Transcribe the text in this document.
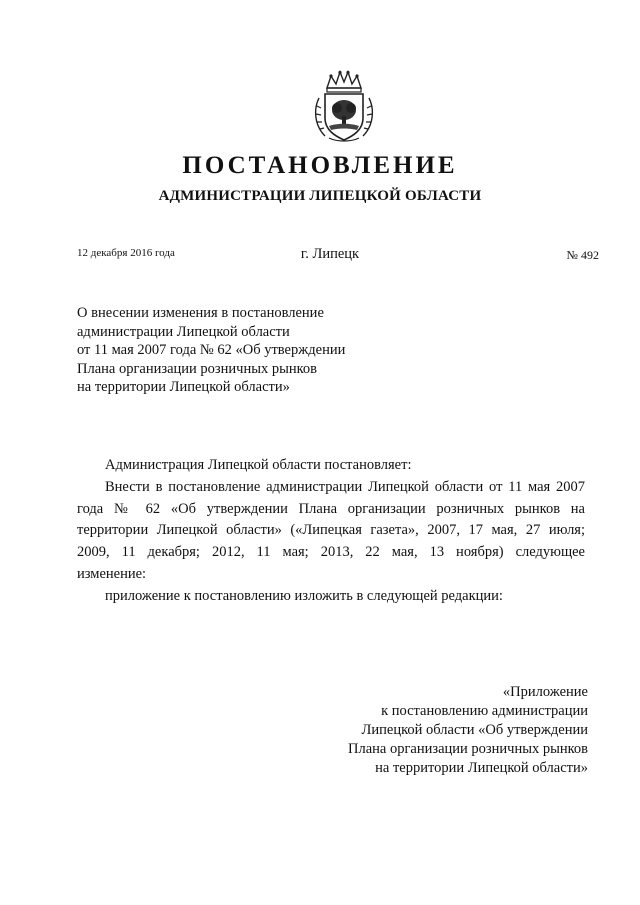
ПОСТАНОВЛЕНИЕ
АДМИНИСТРАЦИИ ЛИПЕЦКОЙ ОБЛАСТИ
12 декабря 2016 года	г. Липецк	№ 492
О внесении изменения в постановление
администрации Липецкой области
от 11 мая 2007 года № 62 «Об утверждении
Плана организации розничных рынков
на территории Липецкой области»
Администрация Липецкой области постановляет:
Внести в постановление администрации Липецкой области от 11 мая 2007
года № 62 «Об утверждении Плана организации розничных рынков на
территории Липецкой области» («Липецкая газета», 2007, 17 мая, 27 июля;
2009, 11 декабря; 2012, 11 мая; 2013, 22 мая, 13 ноября) следующее
изменение:
приложение к постановлению изложить в следующей редакции:
«Приложение
к постановлению администрации
Липецкой области «Об утверждении
Плана организации розничных рынков
на территории Липецкой области»
